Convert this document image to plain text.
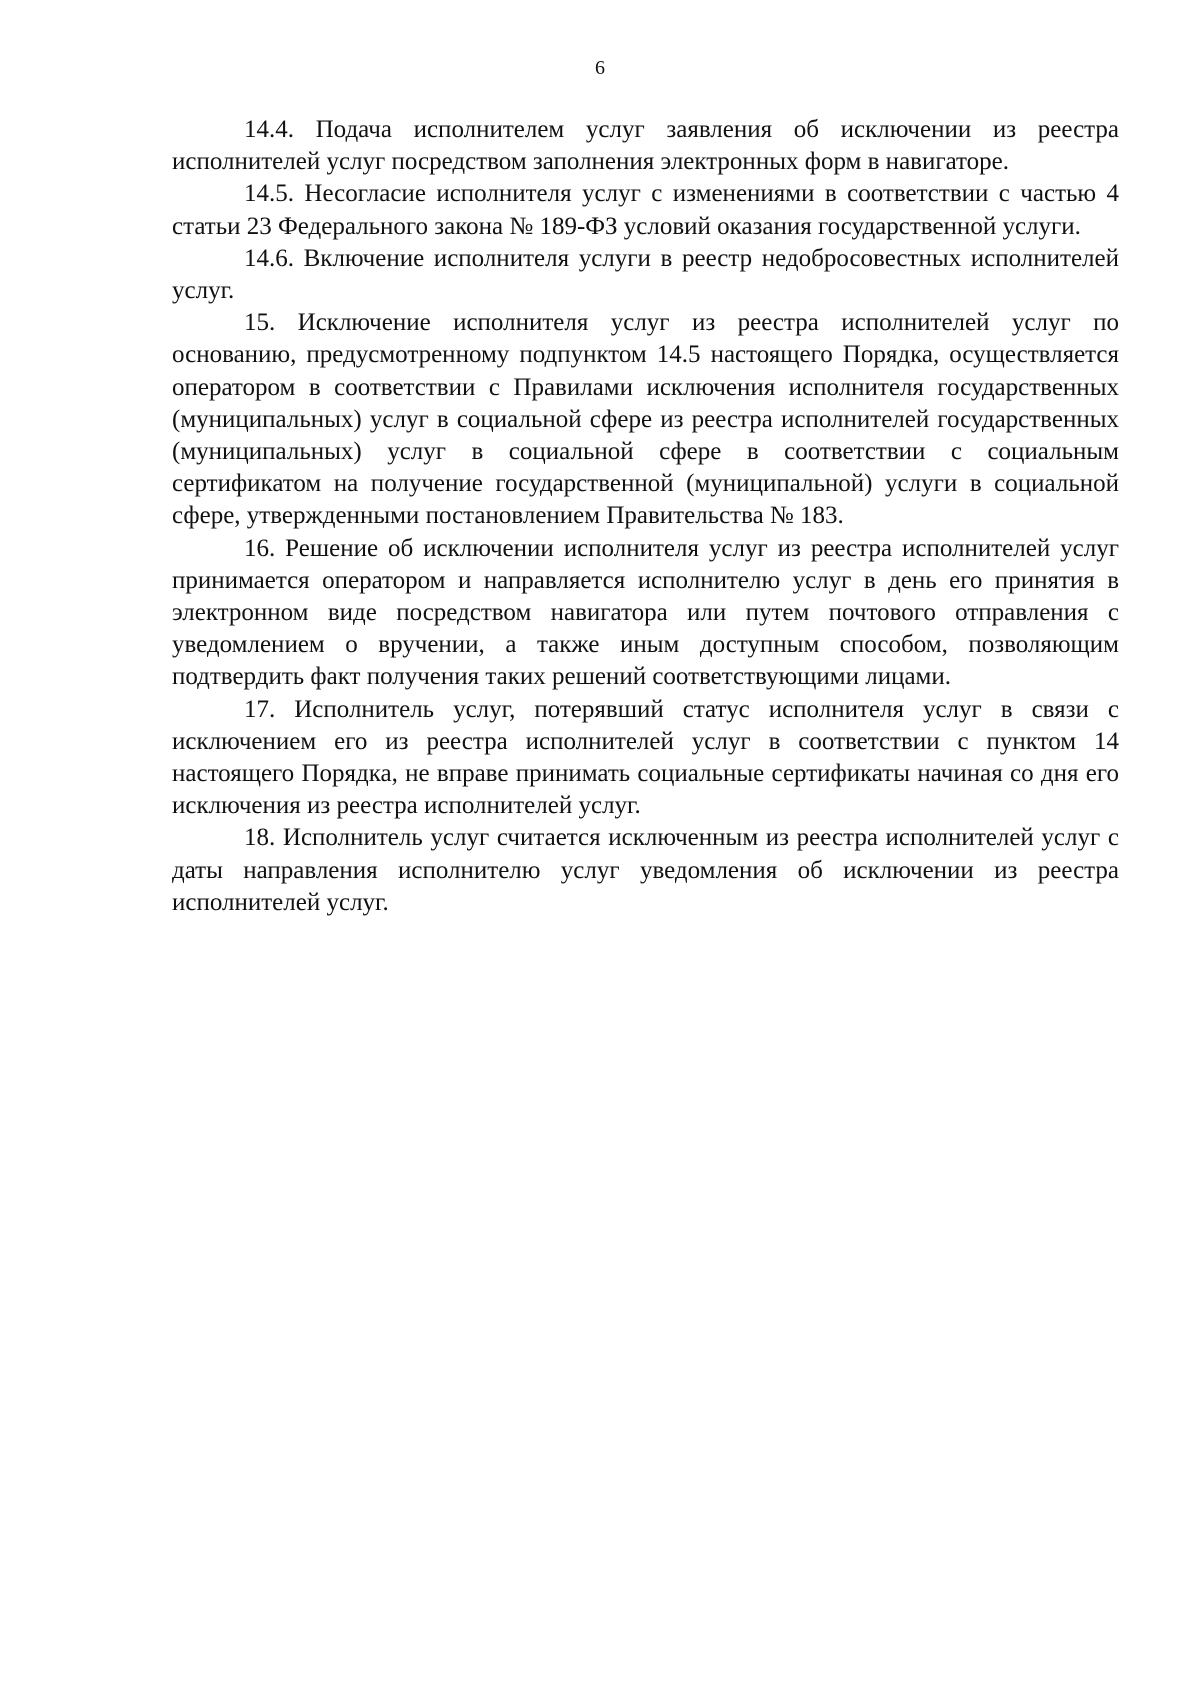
6

14.4. Подача исполнителем услуг заявления об исключении из реестра исполнителей услуг посредством заполнения электронных форм в навигаторе.

14.5. Несогласие исполнителя услуг с изменениями в соответствии с частью 4 статьи 23 Федерального закона № 189-ФЗ условий оказания государственной услуги.

14.6. Включение исполнителя услуги в реестр недобросовестных исполнителей услуг.

15. Исключение исполнителя услуг из реестра исполнителей услуг по основанию, предусмотренному подпунктом 14.5 настоящего Порядка, осуществляется оператором в соответствии с Правилами исключения исполнителя государственных (муниципальных) услуг в социальной сфере из реестра исполнителей государственных (муниципальных) услуг в социальной сфере в соответствии с социальным сертификатом на получение государственной (муниципальной) услуги в социальной сфере, утвержденными постановлением Правительства № 183.

16. Решение об исключении исполнителя услуг из реестра исполнителей услуг принимается оператором и направляется исполнителю услуг в день его принятия в электронном виде посредством навигатора или путем почтового отправления с уведомлением о вручении, а также иным доступным способом, позволяющим подтвердить факт получения таких решений соответствующими лицами.

17. Исполнитель услуг, потерявший статус исполнителя услуг в связи с исключением его из реестра исполнителей услуг в соответствии с пунктом 14 настоящего Порядка, не вправе принимать социальные сертификаты начиная со дня его исключения из реестра исполнителей услуг.

18. Исполнитель услуг считается исключенным из реестра исполнителей услуг с даты направления исполнителю услуг уведомления об исключении из реестра исполнителей услуг.
